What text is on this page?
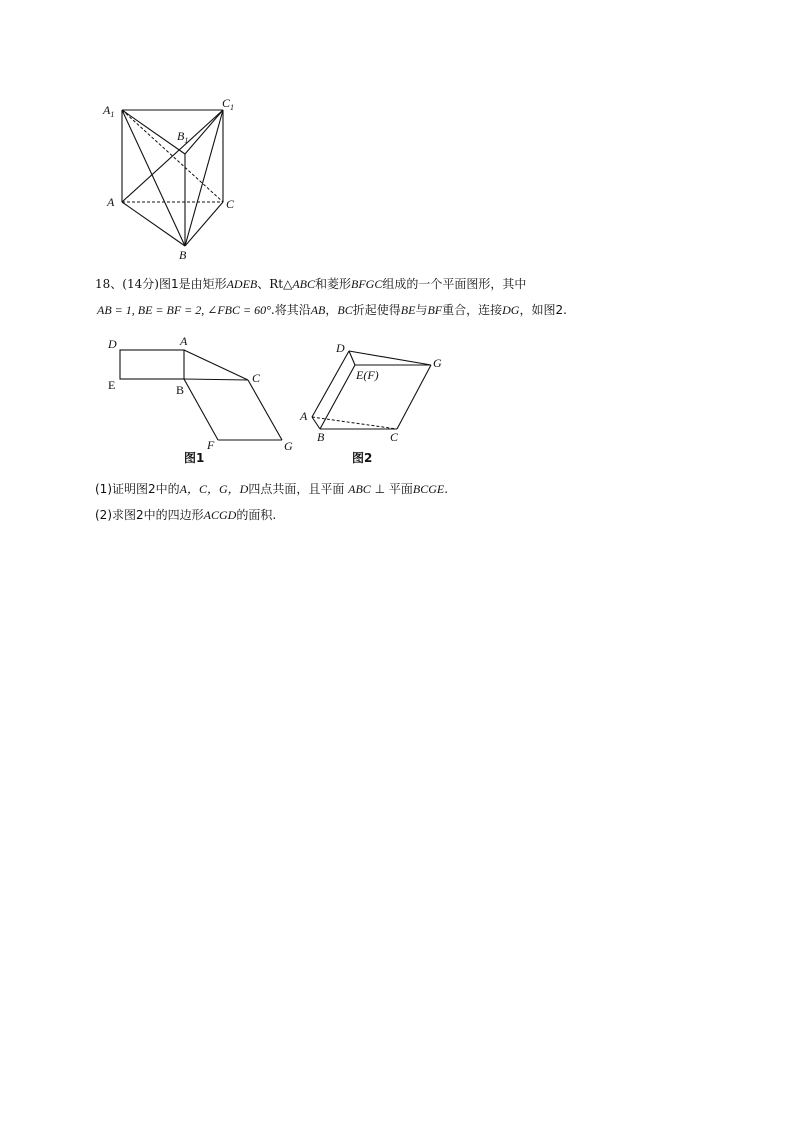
$A_1$
$C_1$
$B_1$
A	C
B
18、(14分)图1是由矩形ADEB、Rt△ABC和菱形BFGC组成的一个平面图形，其中
AB = 1, BE = BF = 2, ∠FBC = 60°.将其沿AB，BC折起使得BE与BF重合，连接DG，如图2.
D	A
E	B
C
F	G
图1
D
E(F)
G
A
B	C
图2
(1)证明图2中的A，C，G，D四点共面，且平面 ABC ⊥ 平面BCGE.
(2)求图2中的四边形ACGD的面积.
